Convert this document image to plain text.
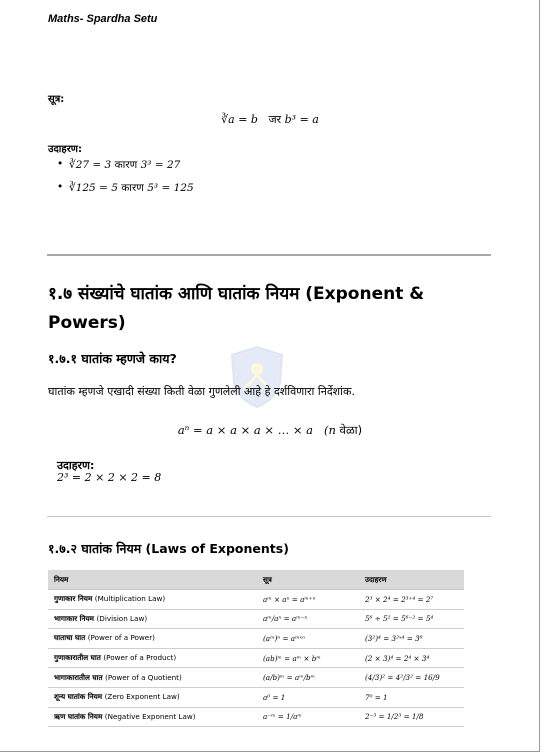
Maths- Spardha Setu
सूत्र:
∛a = b जर b³ = a
उदाहरण:
• ∛27 = 3 कारण 3³ = 27
• ∛125 = 5 कारण 5³ = 125
१.७ संख्यांचे घातांक आणि घातांक नियम (Exponent & Powers)
१.७.१ घातांक म्हणजे काय?
घातांक म्हणजे एखादी संख्या किती वेळा गुणलेली आहे हे दर्शविणारा निर्देशांक.
aⁿ = a × a × a × … × a (n वेळा)
उदाहरण:
2³ = 2 × 2 × 2 = 8
१.७.२ घातांक नियम (Laws of Exponents)
नियम	सूत्र	उदाहरण
गुणाकार नियम (Multiplication Law)	aᵐ × aⁿ = aᵐ⁺ⁿ	2³ × 2⁴ = 2³⁺⁴ = 2⁷
भागाकार नियम (Division Law)	aᵐ/aⁿ = aᵐ⁻ⁿ	5⁶ ÷ 5² = 5⁶⁻² = 5⁴
घाताचा घात (Power of a Power)	(aᵐ)ⁿ = aᵐˣⁿ	(3²)⁴ = 3²ˣ⁴ = 3⁸
गुणाकारातील घात (Power of a Product)	(ab)ᵐ = aᵐ × bᵐ	(2 × 3)⁴ = 2⁴ × 3⁴
भागाकारातील घात (Power of a Quotient)	(a/b)ᵐ = aᵐ/bᵐ	(4/3)² = 4²/3² = 16/9
शून्य घातांक नियम (Zero Exponent Law)	a⁰ = 1	7⁰ = 1
ऋण घातांक नियम (Negative Exponent Law)	a⁻ᵐ = 1/aᵐ	2⁻³ = 1/2³ = 1/8
